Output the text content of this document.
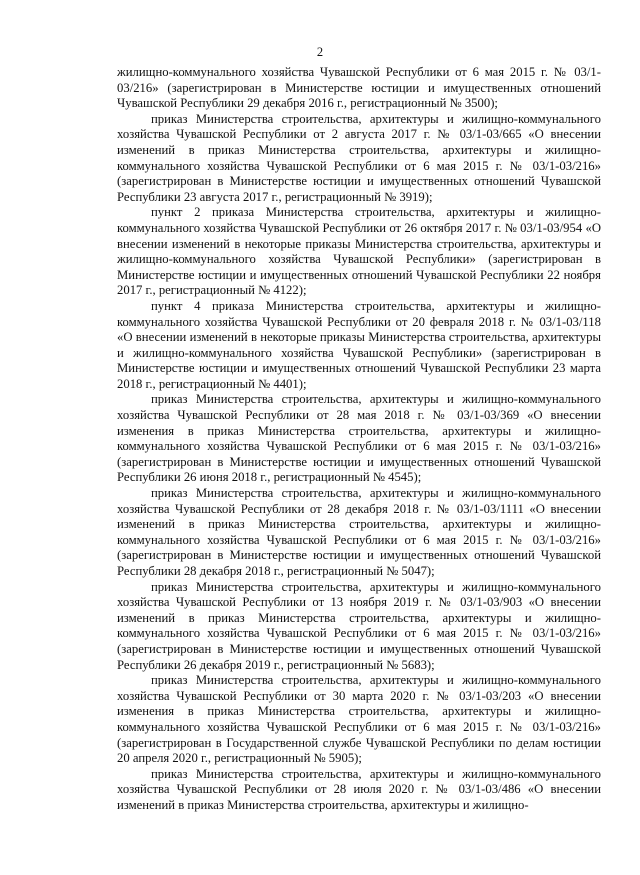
2

жилищно-коммунального хозяйства Чувашской Республики от 6 мая 2015 г. № 03/1-03/216» (зарегистрирован в Министерстве юстиции и имущественных отношений Чувашской Республики 29 декабря 2016 г., регистрационный № 3500);

приказ Министерства строительства, архитектуры и жилищно-коммунального хозяйства Чувашской Республики от 2 августа 2017 г. № 03/1-03/665 «О внесении изменений в приказ Министерства строительства, архитектуры и жилищно-коммунального хозяйства Чувашской Республики от 6 мая 2015 г. № 03/1-03/216» (зарегистрирован в Министерстве юстиции и имущественных отношений Чувашской Республики 23 августа 2017 г., регистрационный № 3919);

пункт 2 приказа Министерства строительства, архитектуры и жилищно-коммунального хозяйства Чувашской Республики от 26 октября 2017 г. № 03/1-03/954 «О внесении изменений в некоторые приказы Министерства строительства, архитектуры и жилищно-коммунального хозяйства Чувашской Республики» (зарегистрирован в Министерстве юстиции и имущественных отношений Чувашской Республики 22 ноября 2017 г., регистрационный № 4122);

пункт 4 приказа Министерства строительства, архитектуры и жилищно-коммунального хозяйства Чувашской Республики от 20 февраля 2018 г. № 03/1-03/118 «О внесении изменений в некоторые приказы Министерства строительства, архитектуры и жилищно-коммунального хозяйства Чувашской Республики» (зарегистрирован в Министерстве юстиции и имущественных отношений Чувашской Республики 23 марта 2018 г., регистрационный № 4401);

приказ Министерства строительства, архитектуры и жилищно-коммунального хозяйства Чувашской Республики от 28 мая 2018 г. № 03/1-03/369 «О внесении изменения в приказ Министерства строительства, архитектуры и жилищно-коммунального хозяйства Чувашской Республики от 6 мая 2015 г. № 03/1-03/216» (зарегистрирован в Министерстве юстиции и имущественных отношений Чувашской Республики 26 июня 2018 г., регистрационный № 4545);

приказ Министерства строительства, архитектуры и жилищно-коммунального хозяйства Чувашской Республики от 28 декабря 2018 г. № 03/1-03/1111 «О внесении изменений в приказ Министерства строительства, архитектуры и жилищно-коммунального хозяйства Чувашской Республики от 6 мая 2015 г. № 03/1-03/216» (зарегистрирован в Министерстве юстиции и имущественных отношений Чувашской Республики 28 декабря 2018 г., регистрационный № 5047);

приказ Министерства строительства, архитектуры и жилищно-коммунального хозяйства Чувашской Республики от 13 ноября 2019 г. № 03/1-03/903 «О внесении изменений в приказ Министерства строительства, архитектуры и жилищно-коммунального хозяйства Чувашской Республики от 6 мая 2015 г. № 03/1-03/216» (зарегистрирован в Министерстве юстиции и имущественных отношений Чувашской Республики 26 декабря 2019 г., регистрационный № 5683);

приказ Министерства строительства, архитектуры и жилищно-коммунального хозяйства Чувашской Республики от 30 марта 2020 г. № 03/1-03/203 «О внесении изменения в приказ Министерства строительства, архитектуры и жилищно-коммунального хозяйства Чувашской Республики от 6 мая 2015 г. № 03/1-03/216» (зарегистрирован в Государственной службе Чувашской Республики по делам юстиции 20 апреля 2020 г., регистрационный № 5905);

приказ Министерства строительства, архитектуры и жилищно-коммунального хозяйства Чувашской Республики от 28 июля 2020 г. № 03/1-03/486 «О внесении изменений в приказ Министерства строительства, архитектуры и жилищно-
